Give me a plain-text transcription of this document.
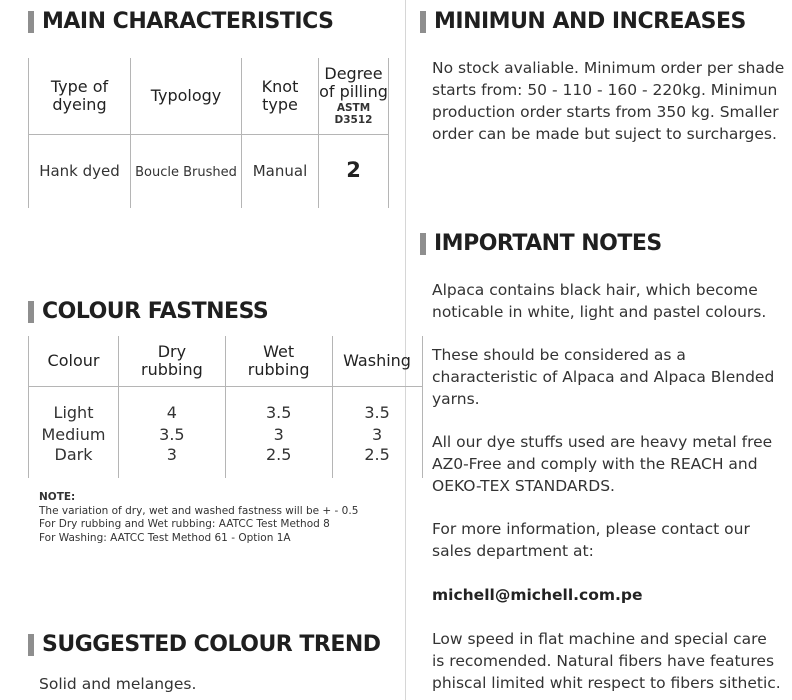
MAIN CHARACTERISTICS
Type of dyeing	Typology	Knot type	Degree of pilling
ASTM D3512

Hank dyed	Boucle Brushed	Manual	2
COLOUR FASTNESS
Colour	Dry rubbing	Wet rubbing	Washing

Light	4	3.5	3.5
Medium	3.5	3	3
Dark	3	2.5	2.5
NOTE:
The variation of dry, wet and washed fastness will be + - 0.5
For Dry rubbing and Wet rubbing: AATCC Test Method 8
For Washing: AATCC Test Method 61 - Option 1A
SUGGESTED COLOUR TREND
Solid and melanges.
MINIMUN AND INCREASES
No stock avaliable. Minimum order per shade
starts from: 50 - 110 - 160 - 220kg. Minimun
production order starts from 350 kg. Smaller
order can be made but suject to surcharges.
IMPORTANT NOTES
Alpaca contains black hair, which become
noticable in white, light and pastel colours.
These should be considered as a
characteristic of Alpaca and Alpaca Blended
yarns.
All our dye stuffs used are heavy metal free
AZ0-Free and comply with the REACH and
OEKO-TEX STANDARDS.
For more information, please contact our
sales department at:
michell@michell.com.pe
Low speed in flat machine and special care
is recomended. Natural fibers have features
phiscal limited whit respect to fibers sithetic.
